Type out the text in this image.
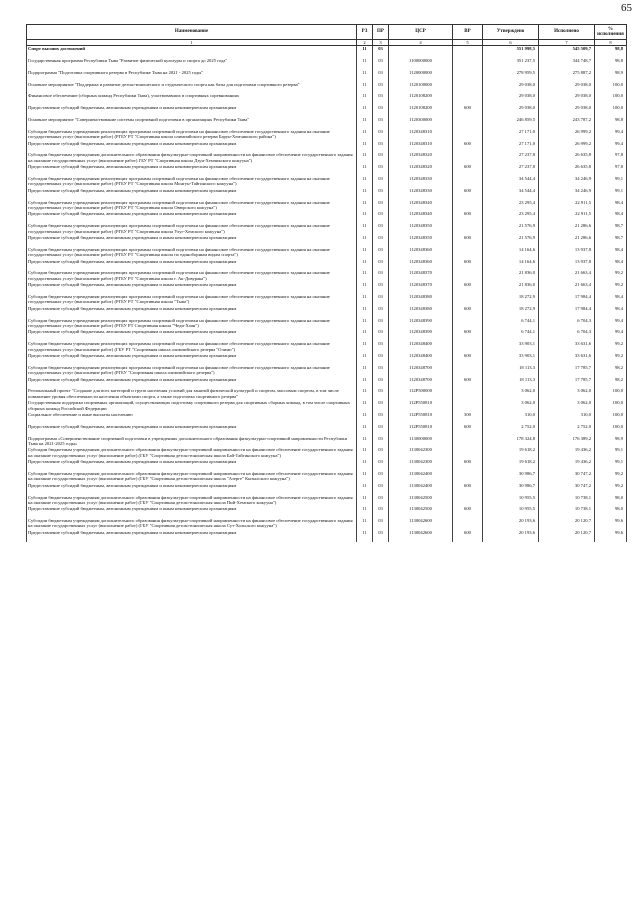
65
Наименование	РЗ	ПР	ЦСР	ВР	Утверждено	Исполнено	% исполнения
1	2	3	4	5	6	7	8
Спорт высших достижений	11	03			551 998,5	545 509,7	98,8
Государственная программа Республики Тыва "Развитие физической культуры и спорта до 2025 года"	11	03	1100000000		351 237,5	344 748,7	98,8
Подпрограмма "Подготовка спортивного резерва в Республике Тыва на 2021 - 2025 годы"	11	03	1120000000		278 959,5	275 887,2	98,9
Основное мероприятие "Поддержка и развитие детско-юношеского и студенческого спорта как базы для подготовки спортивного резерва"	11	03	1120100000		29 038,0	29 038,0	100,0
Финансовое обеспечение (сборных команд Республики Тыва), участвовавших в спортивных соревнованиях	11	03	1120108200		29 038,0	29 038,0	100,0
Предоставление субсидий бюджетным, автономным учреждениям и иным некоммерческим организациям	11	03	1120108200	600	29 038,0	29 038,0	100,0
Основное мероприятие "Совершенствование системы спортивной подготовки в организациях Республики Тыва"	11	03	1120300000		246 859,5	243 787,2	98,8
Субсидии бюджетным учреждениям реализующих программы спортивной подготовки на финансовое обеспечение государственного задания на оказание государственных услуг (выполнение работ) (РГБУ РТ "Спортивная школа олимпийского резерва Барун-Хемчикского района")	11	03	1120348310		27 171,0	26 999,2	99,4
Предоставление субсидий бюджетным, автономным учреждениям и иным некоммерческим организациям	11	03	1120348310	600	27 171,0	26 999,2	99,4
Субсидии бюджетным учреждениям дополнительного образования физкультурно-спортивной направленности на финансовое обеспечение государственного задания на оказание государственных услуг (выполнение работ) ГБУ РТ "Спортивная школа Дзун-Хемчикского кожууна")	11	03	1120348320		27 237,8	26 635,8	97,8
Предоставление субсидий бюджетным, автономным учреждениям и иным некоммерческим организациям	11	03	1120348320	600	27 237,8	26 635,8	97,8
Субсидии бюджетным учреждениям реализующих программы спортивной подготовки на финансовое обеспечение государственного задания на оказание государственных услуг (выполнение работ) (РГБУ РТ "Спортивная школа Монгун-Тайгинского кожууна")	11	03	1120348330		34 544,4	34 246,9	99,1
Предоставление субсидий бюджетным, автономным учреждениям и иным некоммерческим организациям	11	03	1120348330	600	34 544,4	34 246,9	99,1
Субсидии бюджетным учреждениям реализующих программы спортивной подготовки на финансовое обеспечение государственного задания на оказание государственных услуг (выполнение работ) (РГБУ РТ "Спортивная школа Овюрского кожууна")	11	03	1120348340		23 295,4	22 911,5	98,4
Предоставление субсидий бюджетным, автономным учреждениям и иным некоммерческим организациям	11	03	1120348340	600	23 295,4	22 911,5	98,4
Субсидии бюджетным учреждениям реализующих программы спортивной подготовки на финансовое обеспечение государственного задания на оказание государственных услуг (выполнение работ) (РГБУ РТ "Спортивная школа Улуг-Хемского кожууна")	11	03	1120348350		21 576,9	21 286,6	98,7
Предоставление субсидий бюджетным, автономным учреждениям и иным некоммерческим организациям	11	03	1120348350	600	21 576,9	21 286,6	98,7
Субсидии бюджетным учреждениям реализующих программы спортивной подготовки на финансовое обеспечение государственного задания на оказание государственных услуг (выполнение работ) (РГБУ РТ "Спортивная школа по единоборным видам спорта")	11	03	1120348360		14 164,6	13 937,8	98,4
Предоставление субсидий бюджетным, автономным учреждениям и иным некоммерческим организациям	11	03	1120348360	600	14 164,6	13 937,8	98,4
Субсидии бюджетным учреждениям реализующих программы спортивной подготовки на финансовое обеспечение государственного задания на оказание государственных услуг (выполнение работ) (РГБУ РТ "Спортивная школа г. Ак-Довурака")	11	03	1120348370		21 836,0	21 663,4	99,2
Предоставление субсидий бюджетным, автономным учреждениям и иным некоммерческим организациям	11	03	1120348370	600	21 836,0	21 663,4	99,2
Субсидии бюджетным учреждениям реализующих программы спортивной подготовки на финансовое обеспечение государственного задания на оказание государственных услуг (выполнение работ) (РГБУ РТ "Спортивная школа "Тыва")	11	03	1120348380		18 272,9	17 984,4	98,4
Предоставление субсидий бюджетным, автономным учреждениям и иным некоммерческим организациям	11	03	1120348380	600	18 272,9	17 984,4	98,4
Субсидии бюджетным учреждениям реализующих программы спортивной подготовки на финансовое обеспечение государственного задания на оказание государственных услуг (выполнение работ) (РГБУ РТ Спортивная школа "Чеди-Хаан")	11	03	1120348390		6 744,1	6 704,3	99,4
Предоставление субсидий бюджетным, автономным учреждениям и иным некоммерческим организациям	11	03	1120348390	600	6 744,1	6 704,3	99,4
Субсидии бюджетным учреждениям реализующих программы спортивной подготовки на финансовое обеспечение государственного задания на оказание государственных услуг (выполнение работ) (ГБУ РТ "Спортивная школа олимпийского резерва "Олимп")	11	03	1120348400		33 903,1	33 631,6	99,2
Предоставление субсидий бюджетным, автономным учреждениям и иным некоммерческим организациям	11	03	1120348400	600	33 903,1	33 631,6	99,2
Субсидии бюджетным учреждениям реализующих программы спортивной подготовки на финансовое обеспечение государственного задания на оказание государственных услуг (выполнение работ) (РГБУ "Спортивная школа олимпийского резерва")	11	03	1120348700		18 113,3	17 785,7	98,2
Предоставление субсидий бюджетным, автономным учреждениям и иным некоммерческим организациям	11	03	1120348700	600	18 113,3	17 785,7	98,2
Региональный проект "Создание для всех категорий и групп населения условий для занятий физической культурой и спортом, массовым спортом, в том числе повышение уровня обеспеченности населения объектами спорта, а также подготовка спортивного резерва"	11	03	112P500000		3 062,0	3 062,0	100,0
Государственная поддержка спортивных организаций, осуществляющих подготовку спортивного резерва для спортивных сборных команд, в том числе спортивных сборных команд Российской Федерации	11	03	112P550810		3 062,0	3 062,0	100,0
Социальное обеспечение и иные выплаты населению	11	03	112P550810	300	310,0	310,0	100,0
Предоставление субсидий бюджетным, автономным учреждениям и иным некоммерческим организациям	11	03	112P550810	600	2 752,0	2 752,0	100,0
Подпрограмма «Совершенствование спортивной подготовки в учреждениях дополнительного образования физкультурно-спортивной направленности Республики Тыва на 2021-2025 годы»	11	03	1130000000		178 324,8	176 389,2	98,9
Субсидии бюджетным учреждениям дополнительного образования физкультурно-спортивной направленности на финансовое обеспечение государственного задания на оказание государственных услуг (выполнение работ) (ГБУ "Спортивная детско-юношеская школа Бай-Тайгинского кожууна")	11	03	1130042300		19 618,2	19 436,2	99,1
Предоставление субсидий бюджетным, автономным учреждениям и иным некоммерческим организациям	11	03	1130042300	600	19 618,2	19 436,2	99,1
Субсидии бюджетным учреждениям дополнительного образования физкультурно-спортивной направленности на финансовое обеспечение государственного задания на оказание государственных услуг (выполнение работ) (ГБУ "Спортивная детско-юношеская школа "Азерге" Кызылского кожууна")	11	03	1130042400		30 986,7	30 747,2	99,2
Предоставление субсидий бюджетным, автономным учреждениям и иным некоммерческим организациям	11	03	1130042400	600	30 986,7	30 747,2	99,2
Субсидии бюджетным учреждениям дополнительного образования физкультурно-спортивной направленности на финансовое обеспечение государственного задания на оказание государственных услуг (выполнение работ) (ГБУ "Спортивная детско-юношеская школа Пий-Хемского кожууна")	11	03	1130042500		10 955,5	10 738,1	98,0
Предоставление субсидий бюджетным, автономным учреждениям и иным некоммерческим организациям	11	03	1130042500	600	10 955,5	10 738,1	98,0
Субсидии бюджетным учреждениям дополнительного образования физкультурно-спортивной направленности на финансовое обеспечение государственного задания на оказание государственных услуг (выполнение работ) (ГБУ "Спортивная детско-юношеская школа Сут-Хольского кожууна")	11	03	1130042600		20 193,6	20 120,7	99,6
Предоставление субсидий бюджетным, автономным учреждениям и иным некоммерческим организациям	11	03	1130042600	600	20 193,6	20 120,7	99,6
